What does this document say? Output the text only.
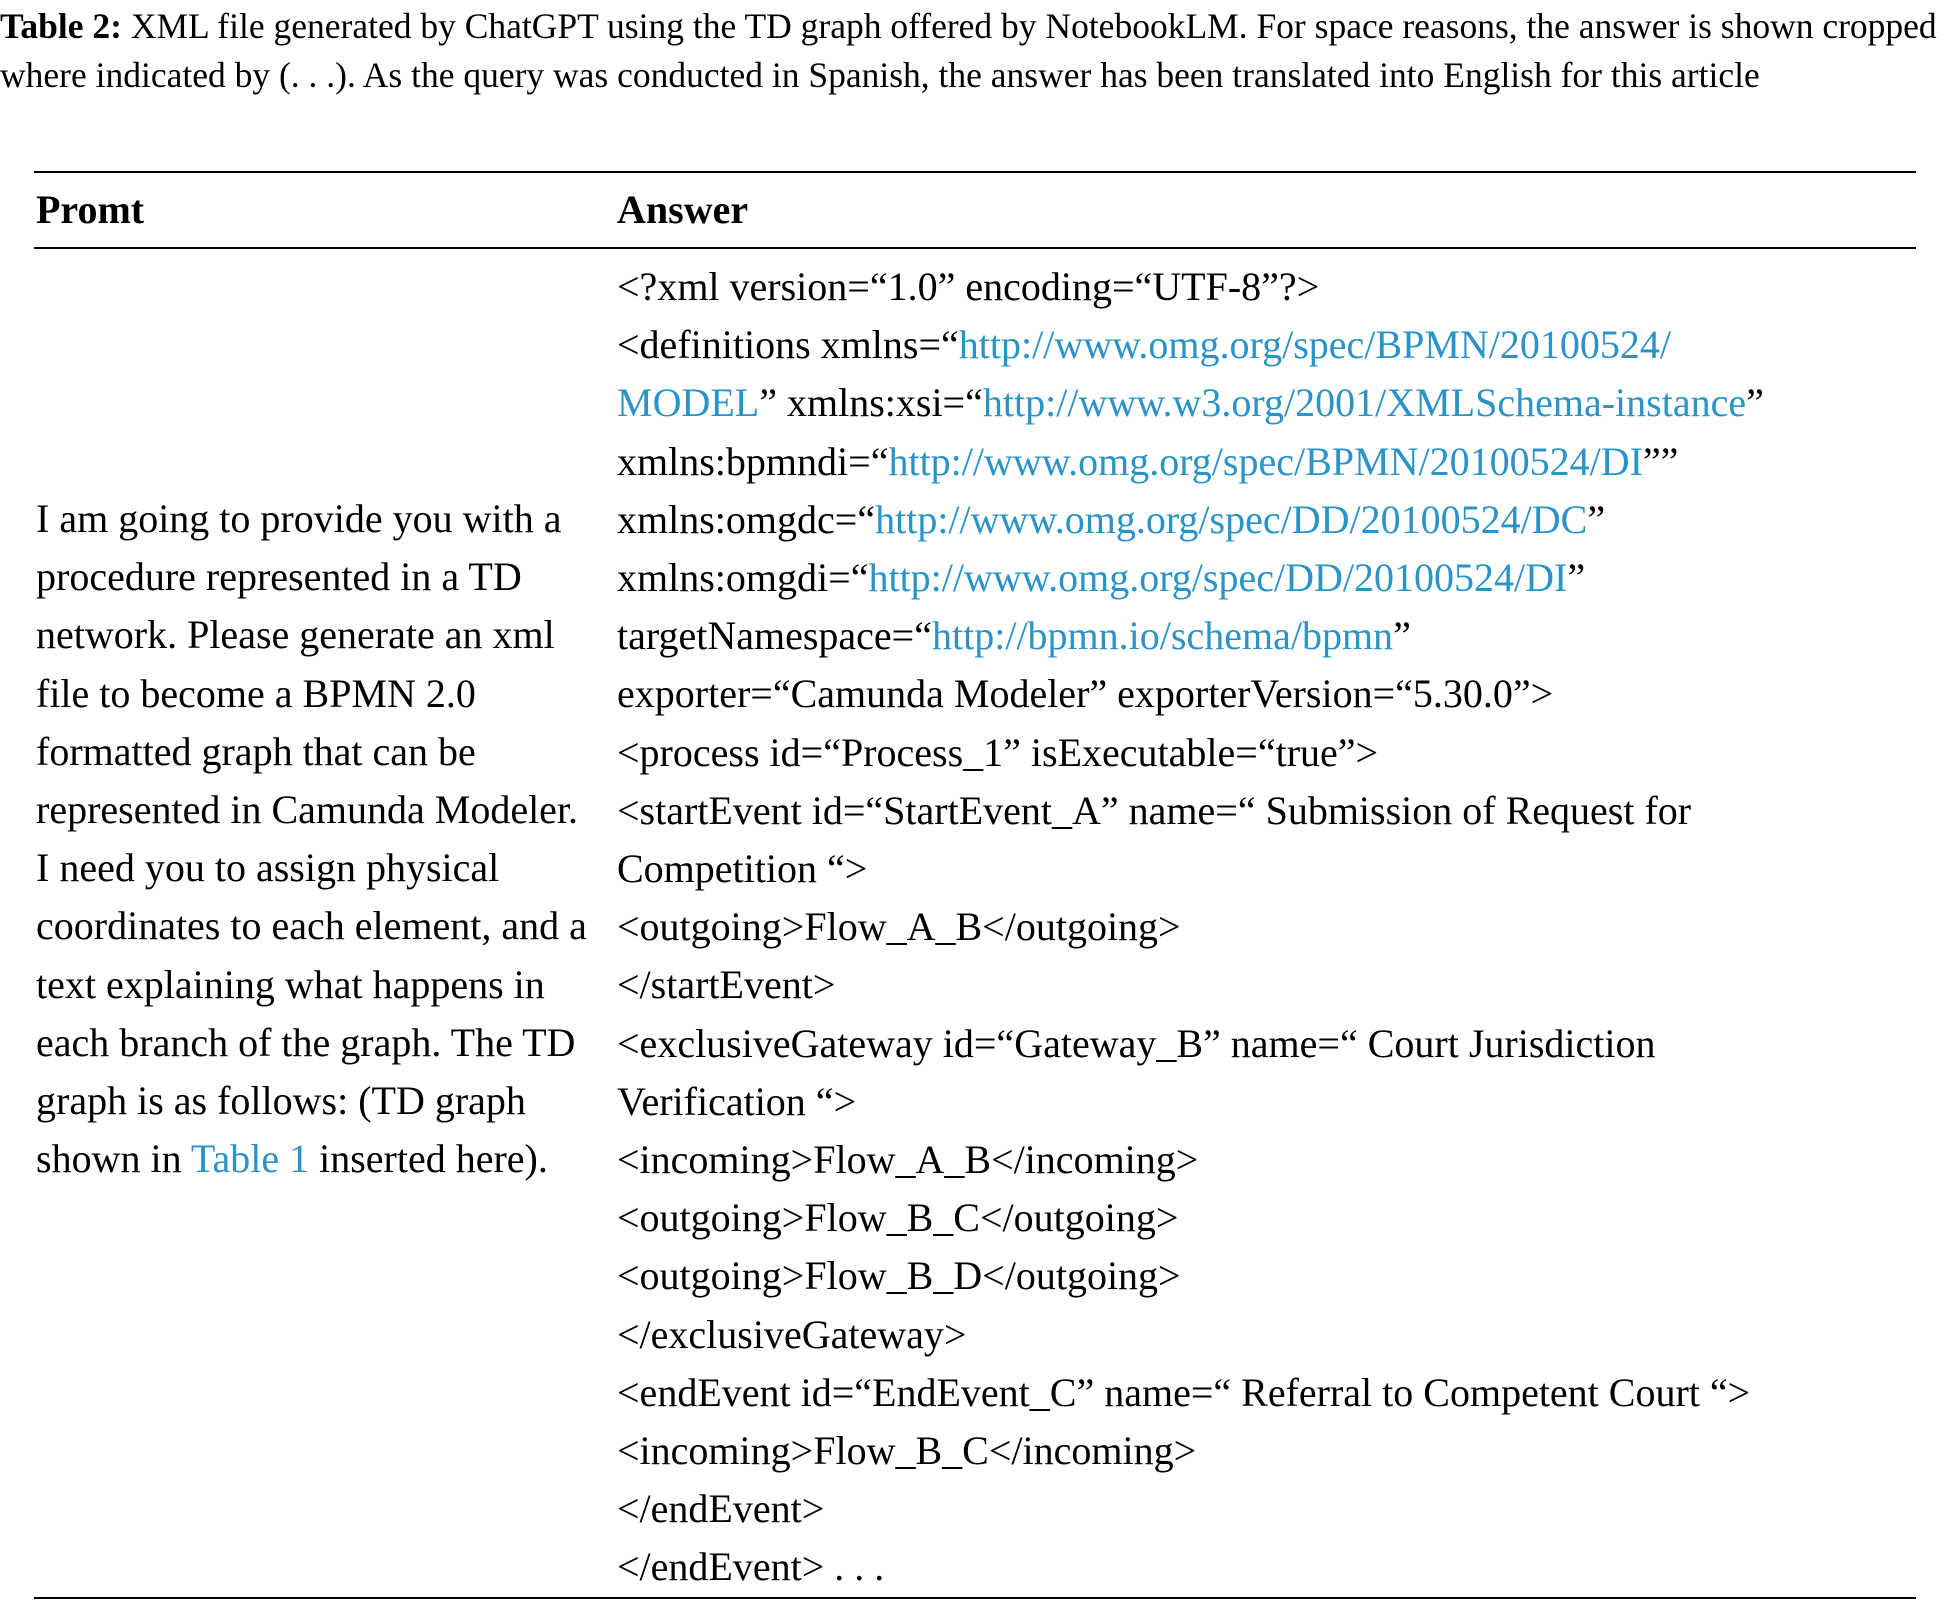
Table 2: XML file generated by ChatGPT using the TD graph offered by NotebookLM. For space reasons, the answer is shown cropped where indicated by (. . .). As the query was conducted in Spanish, the answer has been translated into English for this article

Promt	Answer

I am going to provide you with a procedure represented in a TD network. Please generate an xml file to become a BPMN 2.0 formatted graph that can be represented in Camunda Modeler. I need you to assign physical coordinates to each element, and a text explaining what happens in each branch of the graph. The TD graph is as follows: (TD graph shown in Table 1 inserted here).

<?xml version=“1.0” encoding=“UTF-8”?>
<definitions xmlns=“http://www.omg.org/spec/BPMN/20100524/
MODEL” xmlns:xsi=“http://www.w3.org/2001/XMLSchema-instance”
xmlns:bpmndi=“http://www.omg.org/spec/BPMN/20100524/DI””
xmlns:omgdc=“http://www.omg.org/spec/DD/20100524/DC”
xmlns:omgdi=“http://www.omg.org/spec/DD/20100524/DI”
targetNamespace=“http://bpmn.io/schema/bpmn”
exporter=“Camunda Modeler” exporterVersion=“5.30.0”>
<process id=“Process_1” isExecutable=“true”>
<startEvent id=“StartEvent_A” name=“ Submission of Request for
Competition “>
<outgoing>Flow_A_B</outgoing>
</startEvent>
<exclusiveGateway id=“Gateway_B” name=“ Court Jurisdiction
Verification “>
<incoming>Flow_A_B</incoming>
<outgoing>Flow_B_C</outgoing>
<outgoing>Flow_B_D</outgoing>
</exclusiveGateway>
<endEvent id=“EndEvent_C” name=“ Referral to Competent Court “>
<incoming>Flow_B_C</incoming>
</endEvent>
</endEvent> . . .
